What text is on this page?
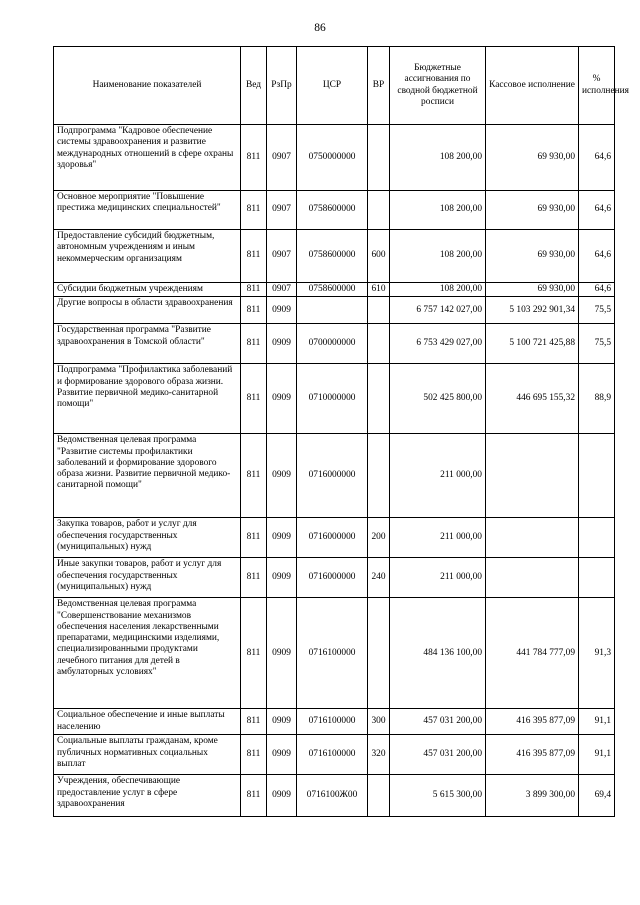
86
Наименование показателей	Вед	РзПр	ЦСР	ВР	Бюджетные ассигнования по сводной бюджетной росписи	Кассовое исполнение	% исполнения
Подпрограмма "Кадровое обеспечение системы здравоохранения и развитие международных отношений в сфере охраны здоровья"	811	0907	0750000000		108 200,00	69 930,00	64,6
Основное мероприятие "Повышение престижа медицинских специальностей"	811	0907	0758600000		108 200,00	69 930,00	64,6
Предоставление субсидий бюджетным, автономным учреждениям и иным некоммерческим организациям	811	0907	0758600000	600	108 200,00	69 930,00	64,6
Субсидии бюджетным учреждениям	811	0907	0758600000	610	108 200,00	69 930,00	64,6
Другие вопросы в области здравоохранения	811	0909			6 757 142 027,00	5 103 292 901,34	75,5
Государственная программа "Развитие здравоохранения в Томской области"	811	0909	0700000000		6 753 429 027,00	5 100 721 425,88	75,5
Подпрограмма "Профилактика заболеваний и формирование здорового образа жизни. Развитие первичной медико-санитарной помощи"	811	0909	0710000000		502 425 800,00	446 695 155,32	88,9
Ведомственная целевая программа "Развитие системы профилактики заболеваний и формирование здорового образа жизни. Развитие первичной медико-санитарной помощи"	811	0909	0716000000		211 000,00		
Закупка товаров, работ и услуг для обеспечения государственных (муниципальных) нужд	811	0909	0716000000	200	211 000,00		
Иные закупки товаров, работ и услуг для обеспечения государственных (муниципальных) нужд	811	0909	0716000000	240	211 000,00		
Ведомственная целевая программа "Совершенствование механизмов обеспечения населения лекарственными препаратами, медицинскими изделиями, специализированными продуктами лечебного питания для детей в амбулаторных условиях"	811	0909	0716100000		484 136 100,00	441 784 777,09	91,3
Социальное обеспечение и иные выплаты населению	811	0909	0716100000	300	457 031 200,00	416 395 877,09	91,1
Социальные выплаты гражданам, кроме публичных нормативных социальных выплат	811	0909	0716100000	320	457 031 200,00	416 395 877,09	91,1
Учреждения, обеспечивающие предоставление услуг в сфере здравоохранения	811	0909	0716100Ж00		5 615 300,00	3 899 300,00	69,4
